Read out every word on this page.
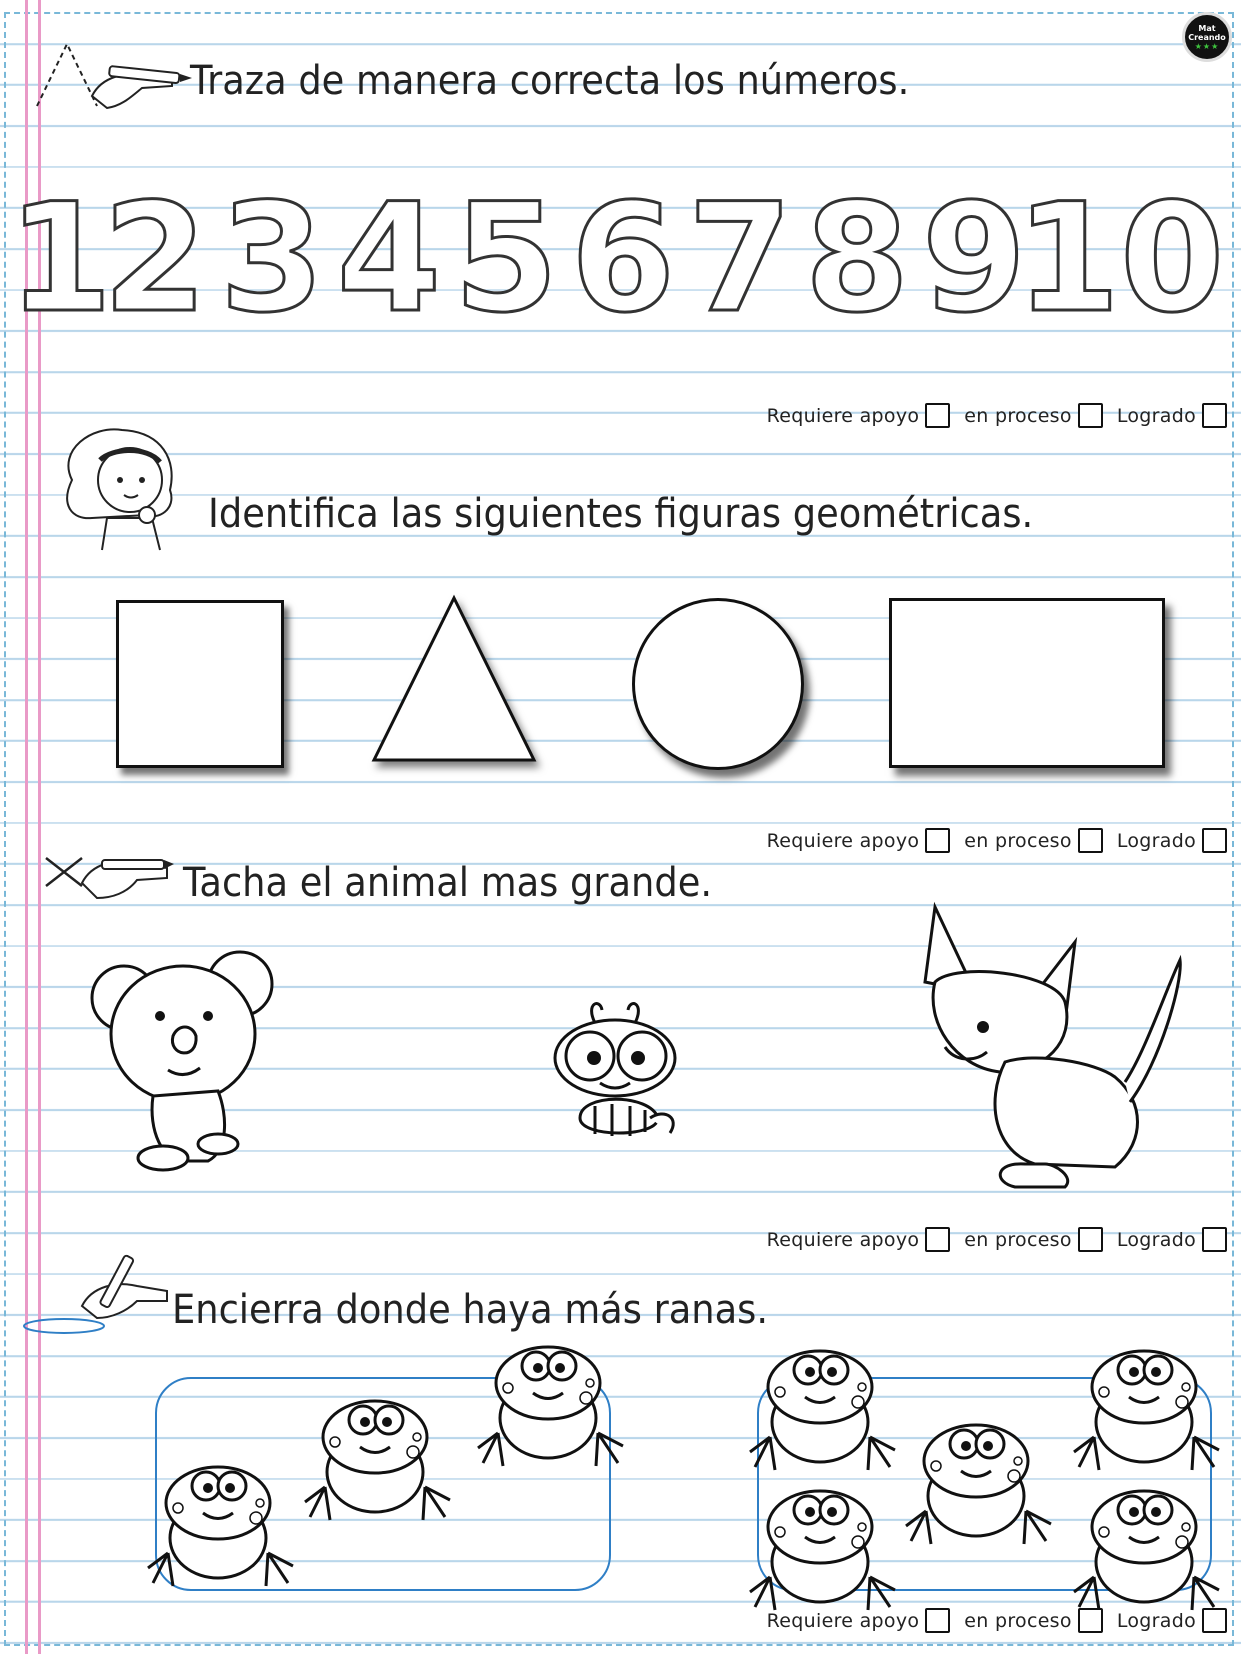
Mat
Creando
★★★
Traza de manera correcta los números.
1
2 3 4 5 6 7 8 9
10
Requiere apoyo en proceso Logrado
Identifica las siguientes figuras geométricas.
Requiere apoyo en proceso Logrado
Tacha el animal mas grande.
Requiere apoyo en proceso Logrado
Encierra donde haya más ranas.
Requiere apoyo en proceso Logrado
